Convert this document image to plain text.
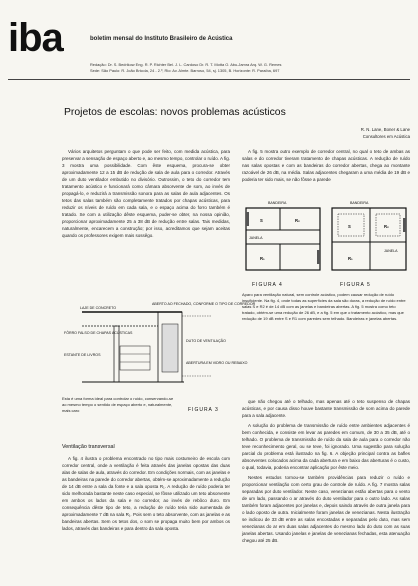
iba	boletim mensal do Instituto Brasileiro de Acústica
Redação: Dr. S. Bedrikow Eng. R. P. Richter Bel. J. L. Cardoso Dr. R. T. Motta O. Abu-Jamra Arq. W. G. Remes
Sede: São Paulo: R. João Bricola, 24 - 2.º, Rio: Av. Almte. Barroso, 54, sj. 1305, B. Horizonte: R. Paraíba, 697
Projetos de escolas: novos problemas acústicos
R. N. Lane, Boner & Lane
Consultores em Acústica

Vários arquitetos perguntam o que pode ser feito, com medida acústica, para preservar a sensação de espaço aberto e, ao mesmo tempo, controlar o ruído. A fig. 3 mostra uma possibilidade. Com êste esquema, procura-se obter aproximadamente 12 a 15 dB de redução de sala de aula para o corredor. Através de um duto ventilador embutido no divisório. Outrossim, o teto do corredor tem tratamento acústico e funcionará como câmara absorvente de som, ao invés de propagá-lo, e reduzirá a transmissão sonora para as salas de aula adjacentes. Os tetos das salas também são completamente tratados por chapas acústicas, para reduzir os níveis de ruído em cada sala, e o espaço acima do forro também é tratado. Se com a utilização dêste esquema, puder-se obter, na nossa opinião, proporcionar aproximadamente 25 a 38 dB de redução entre salas. Tais medidas, naturalmente, encarecem a construção; por isso, acreditamos que sejam aceitas quando os professores exigem mais sossêgo.

LAJE DE CONCRETO
FÔRRO FALSO DE CHAPAS ACÚSTICAS
ESTANTE DE LIVROS
ABERTO AO FECHADO, CONFORME O TIPO DE CORREDOR
DUTO DE VENTILAÇÃO
ABERTURA EM VIDRO OU REBAIXO
Esta é uma forma ideal para controlar o ruído, conservando-se ao mesmo tempo o sentido de espaço aberto e, naturalmente, mais caro	FIGURA 3
Ventilação transversal

A fig. 4 ilustra o problema encontrado no tipo mais costumeiro de escola com corredor central, onde a ventilação é feita através das janelas opostas das duas alas de salas de aula, através do corredor. Em condições normais, com as janelas e as bandeiras na parede do corredor abertas, obtém-se aproximadamente a redução de 14 dB entre a sala da fonte e a sala oposta R₁. A redução de ruído poderia ter sido melhorada bastante neste caso especial, se fôsse utilizado um teto absorvente em ambos os lados da sala e no corredor, ao invés de rebôco duro. Em consequência dêste tipo de teto, a redução de ruído teria sido aumentada de aproximadamente 7 dB na sala R₁. Pois sem o teto absorvente, com as janelas e as bandeiras abertas. Sem os tetos dos, o som se propaga muito bem por ambos os lados, através das bandeiras e para dentro da sala oposta.

A fig. 5 mostra outro exemplo de corredor central, no qual o teto de ambas as salas e do corredor tiveram tratamento de chapas acústicas. A redução de ruído nas salas opostas e com as bandeiras do corredor abertas, chega ao montante razoável de 26 dB, na média. Salas adjacentes chegaram a uma média de 19 dB e poderia ter sido mais, se não fôsse a parede

BANDEIRA
JANELA
S	R₂
R₁
FIGURA 4
BANDEIRA
JANELA
S	R₂
R₁
FIGURA 5
Aparo para ventilação natural, sem controle acústico, podem causar redução de ruído insuficiente. Na fig. 4, onde todas as superfícies da sala são duras, a redução de ruído entre salas S e R2 é de 14 dB com as janelas e bandeiras abertas. A fig. 5 mostra como teto tratado, obtém-se uma redução de 26 dB, e a fig. 5 em que o tratamento acústico, mas que redução de 19 dB entre S e R1 com paredes sem telhado. Bandeiras e janelas abertas.

que não chegou até o telhado, mas apenas até o teto suspenso de chapas acústicas, e por causa disso houve bastante transmissão de som acima do parede para a sala adjacente.

A solução do problema de transmissão de ruído entre ambientes adjacentes é bem conhecida, e consiste em levar as paredes em comum, de 30 a 35 dB, até o telhado. O problema de transmissão de ruído da sala de aula para o corredor não teve reconhecimento geral, ou se teve, foi ignorado. Uma sugestão para solução parcial do problema está ilustrado na fig. 6. A objeção principal contra as bafles absorventes colocados acima da cada abertura e em baixo das aberturas é o custo, o qual, todavia, poderia encontrar aplicação por êste meio.

Nestes estudos tornou-se também providências para reduzir o ruído e proporcionar ventilação com certo grau de controle de ruído. A fig. 7 mostra salas separadas por duto ventilador. Neste caso, venezianas estão abertas para o vento de um lado, passando o ar através do duto ventilador para o outro lado. As salas também foram adjacentes por janelas e, depois saindo através de outra janela para o lado oposto de outra. Inicialmente foram janelas de venezianas. Nesta ilustração se indicou de 33 dB entre as salas encostadas e separadas pelo duto, mas sem venezianas do ar em duas salas adjacentes do mesmo lado do duto com as suas janelas abertas. Usando janelas e janelas de venezianas fechadas, esta atenuação chegou até 25 dB.
